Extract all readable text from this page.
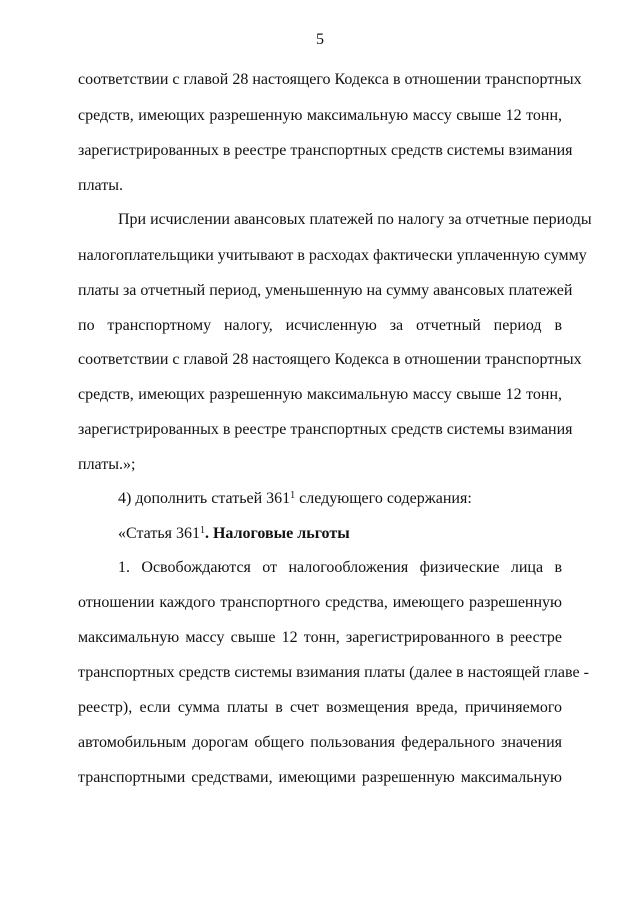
5
соответствии с главой 28 настоящего Кодекса в отношении транспортных
средств, имеющих разрешенную максимальную массу свыше 12 тонн,
зарегистрированных в реестре транспортных средств системы взимания
платы.
При исчислении авансовых платежей по налогу за отчетные периоды
налогоплательщики учитывают в расходах фактически уплаченную сумму
платы за отчетный период, уменьшенную на сумму авансовых платежей
по транспортному налогу, исчисленную за отчетный период в
соответствии с главой 28 настоящего Кодекса в отношении транспортных
средств, имеющих разрешенную максимальную массу свыше 12 тонн,
зарегистрированных в реестре транспортных средств системы взимания
платы.»;
4) дополнить статьей $361^1$ следующего содержания:
«Статья $361^1$. Налоговые льготы
1. Освобождаются от налогообложения физические лица в
отношении каждого транспортного средства, имеющего разрешенную
максимальную массу свыше 12 тонн, зарегистрированного в реестре
транспортных средств системы взимания платы (далее в настоящей главе -
реестр), если сумма платы в счет возмещения вреда, причиняемого
автомобильным дорогам общего пользования федерального значения
транспортными средствами, имеющими разрешенную максимальную
